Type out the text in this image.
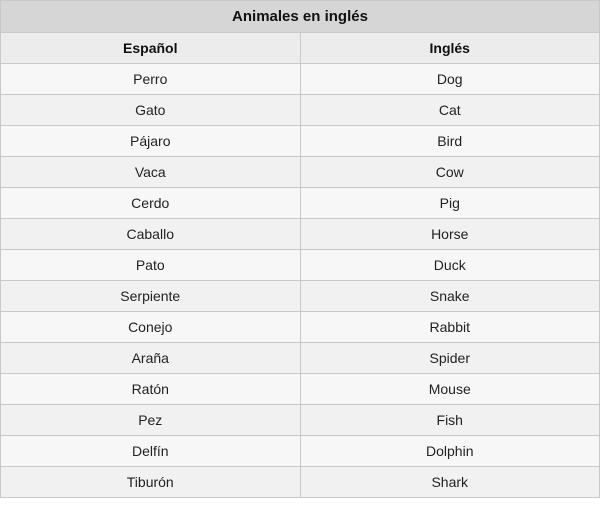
Animales en inglés	
Español	Inglés
Perro	Dog
Gato	Cat
Pájaro	Bird
Vaca	Cow
Cerdo	Pig
Caballo	Horse
Pato	Duck
Serpiente	Snake
Conejo	Rabbit
Araña	Spider
Ratón	Mouse
Pez	Fish
Delfín	Dolphin
Tiburón	Shark
